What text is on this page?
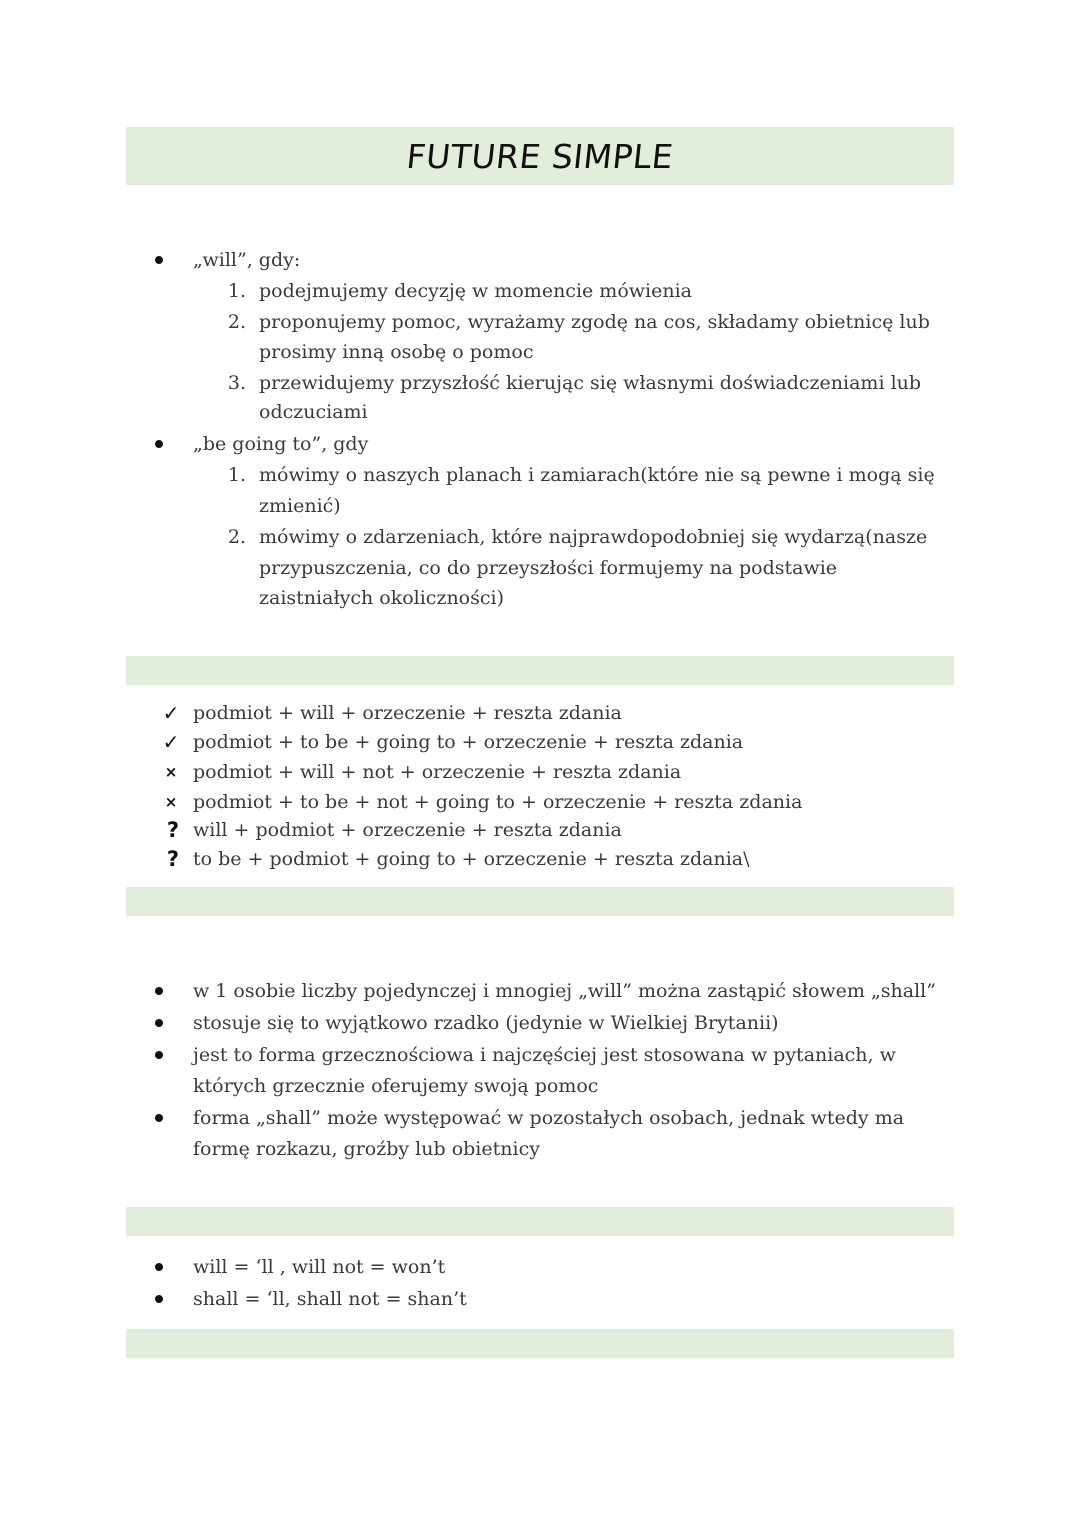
FUTURE SIMPLE
„will”, gdy:
1. podejmujemy decyzję w momencie mówienia
2. proponujemy pomoc, wyrażamy zgodę na cos, składamy obietnicę lub
prosimy inną osobę o pomoc
3. przewidujemy przyszłość kierując się własnymi doświadczeniami lub
odczuciami
„be going to”, gdy
1. mówimy o naszych planach i zamiarach(które nie są pewne i mogą się
zmienić)
2. mówimy o zdarzeniach, które najprawdopodobniej się wydarzą(nasze
przypuszczenia, co do przeyszłości formujemy na podstawie
zaistniałych okoliczności)
✓ podmiot + will + orzeczenie + reszta zdania
✓ podmiot + to be + going to + orzeczenie + reszta zdania
× podmiot + will + not + orzeczenie + reszta zdania
× podmiot + to be + not + going to + orzeczenie + reszta zdania
? will + podmiot + orzeczenie + reszta zdania
? to be + podmiot + going to + orzeczenie + reszta zdania\
w 1 osobie liczby pojedynczej i mnogiej „will” można zastąpić słowem „shall”
stosuje się to wyjątkowo rzadko (jedynie w Wielkiej Brytanii)
jest to forma grzecznościowa i najczęściej jest stosowana w pytaniach, w
których grzecznie oferujemy swoją pomoc
forma „shall” może występować w pozostałych osobach, jednak wtedy ma
formę rozkazu, groźby lub obietnicy
will = ‘ll , will not = won’t
shall = ‘ll, shall not = shan’t
